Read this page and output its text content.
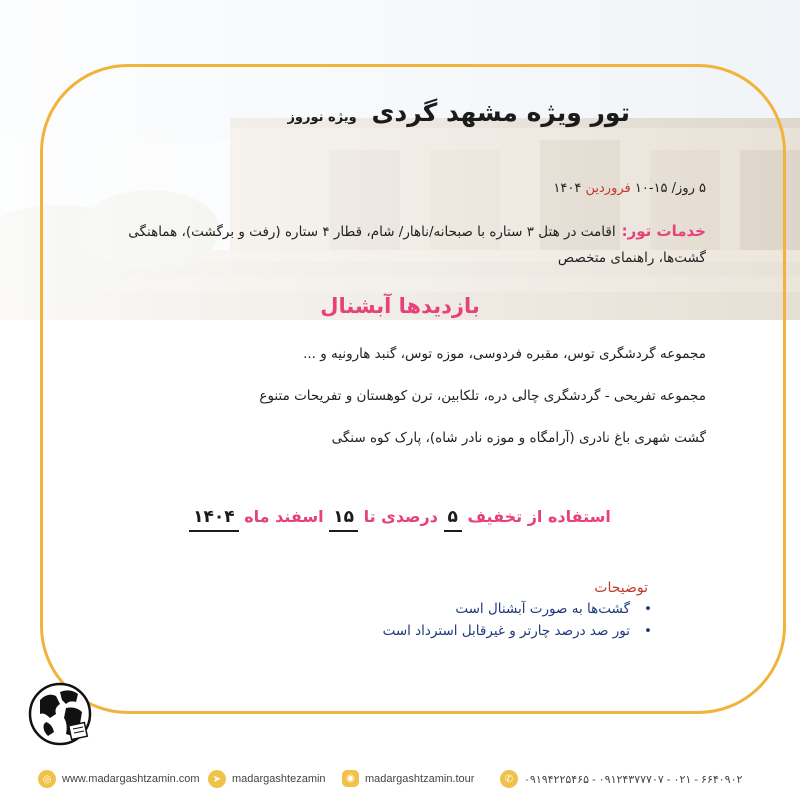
تور ویژه مشهد گردی ویژه نوروز
۵ روز/ ۱۵-۱۰ فروردین ۱۴۰۴
خدمات تور:اقامت در هتل ۳ ستاره با صبحانه/ناهار/ شام، قطار ۴ ستاره (رفت و برگشت)، هماهنگی گشت‌ها، راهنمای متخصص
بازدیدها آبشنال
مجموعه گردشگری توس، مقبره فردوسی، موزه توس، گنبد هارونیه و ...
مجموعه تفریحی - گردشگری چالی دره، تلکابین، ترن کوهستان و تفریحات متنوع
گشت شهری باغ نادری (آرامگاه و موزه نادر شاه)، پارک کوه سنگی
استفاده از تخفیف ۵ درصدی تا ۱۵ اسفند ماه ۱۴۰۴
توضیحات
• گشت‌ها به صورت آبشنال است
• تور صد درصد چارتر و غیرقابل استرداد است
◎ www.madargashtzamin.com	➤ madargashtezamin	◉ madargashtzamin.tour	✆ ۰۹۱۹۴۲۲۵۴۶۵ - ۰۹۱۲۴۳۷۷۷۰۷ - ۰۲۱ - ۶۶۴۰۹۰۲
